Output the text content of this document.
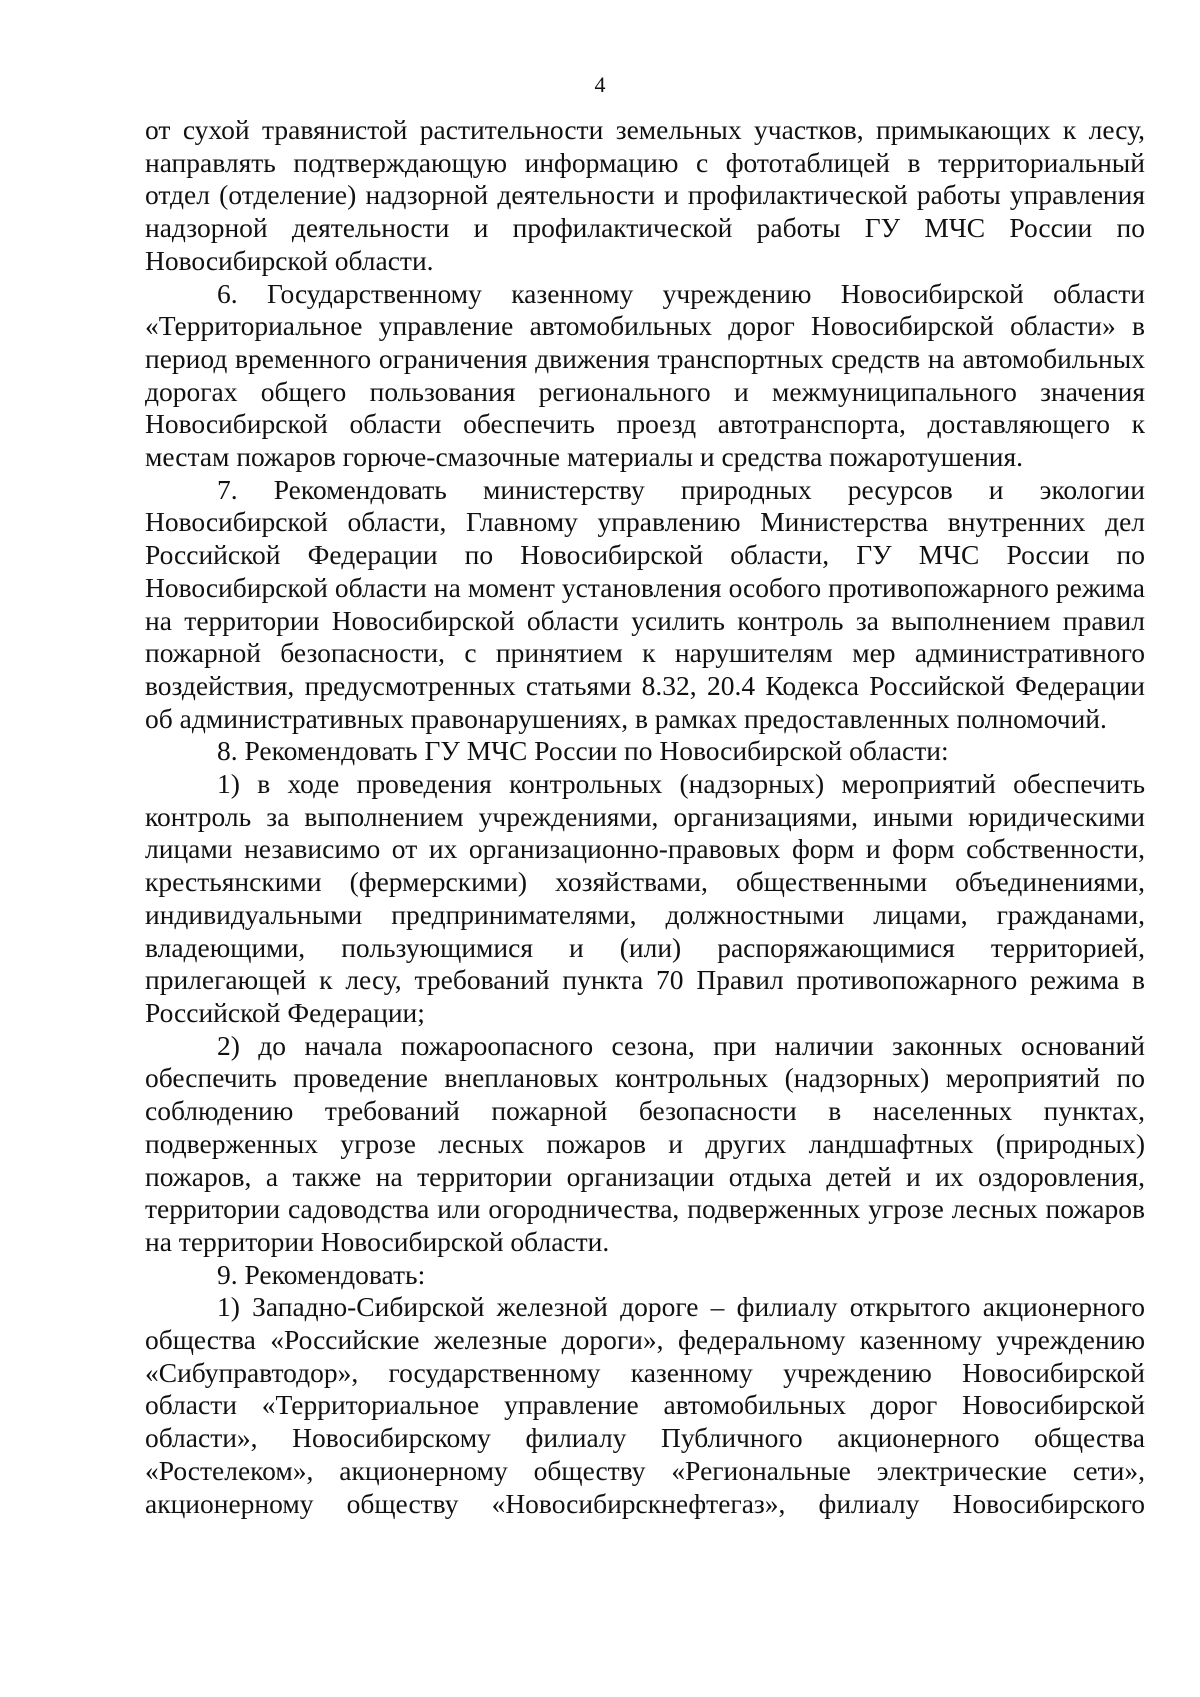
4

от сухой травянистой растительности земельных участков, примыкающих к лесу, направлять подтверждающую информацию с фототаблицей в территориальный отдел (отделение) надзорной деятельности и профилактической работы управления надзорной деятельности и профилактической работы ГУ МЧС России по Новосибирской области.

6. Государственному казенному учреждению Новосибирской области «Территориальное управление автомобильных дорог Новосибирской области» в период временного ограничения движения транспортных средств на автомобильных дорогах общего пользования регионального и межмуниципального значения Новосибирской области обеспечить проезд автотранспорта, доставляющего к местам пожаров горюче-смазочные материалы и средства пожаротушения.

7. Рекомендовать министерству природных ресурсов и экологии Новосибирской области, Главному управлению Министерства внутренних дел Российской Федерации по Новосибирской области, ГУ МЧС России по Новосибирской области на момент установления особого противопожарного режима на территории Новосибирской области усилить контроль за выполнением правил пожарной безопасности, с принятием к нарушителям мер административного воздействия, предусмотренных статьями 8.32, 20.4 Кодекса Российской Федерации об административных правонарушениях, в рамках предоставленных полномочий.

8. Рекомендовать ГУ МЧС России по Новосибирской области:

1) в ходе проведения контрольных (надзорных) мероприятий обеспечить контроль за выполнением учреждениями, организациями, иными юридическими лицами независимо от их организационно-правовых форм и форм собственности, крестьянскими (фермерскими) хозяйствами, общественными объединениями, индивидуальными предпринимателями, должностными лицами, гражданами, владеющими, пользующимися и (или) распоряжающимися территорией, прилегающей к лесу, требований пункта 70 Правил противопожарного режима в Российской Федерации;

2) до начала пожароопасного сезона, при наличии законных оснований обеспечить проведение внеплановых контрольных (надзорных) мероприятий по соблюдению требований пожарной безопасности в населенных пунктах, подверженных угрозе лесных пожаров и других ландшафтных (природных) пожаров, а также на территории организации отдыха детей и их оздоровления, территории садоводства или огородничества, подверженных угрозе лесных пожаров на территории Новосибирской области.

9. Рекомендовать:

1) Западно-Сибирской железной дороге – филиалу открытого акционерного общества «Российские железные дороги», федеральному казенному учреждению «Сибуправтодор», государственному казенному учреждению Новосибирской области «Территориальное управление автомобильных дорог Новосибирской области», Новосибирскому филиалу Публичного акционерного общества «Ростелеком», акционерному обществу «Региональные электрические сети», акционерному обществу «Новосибирскнефтегаз», филиалу Новосибирского
